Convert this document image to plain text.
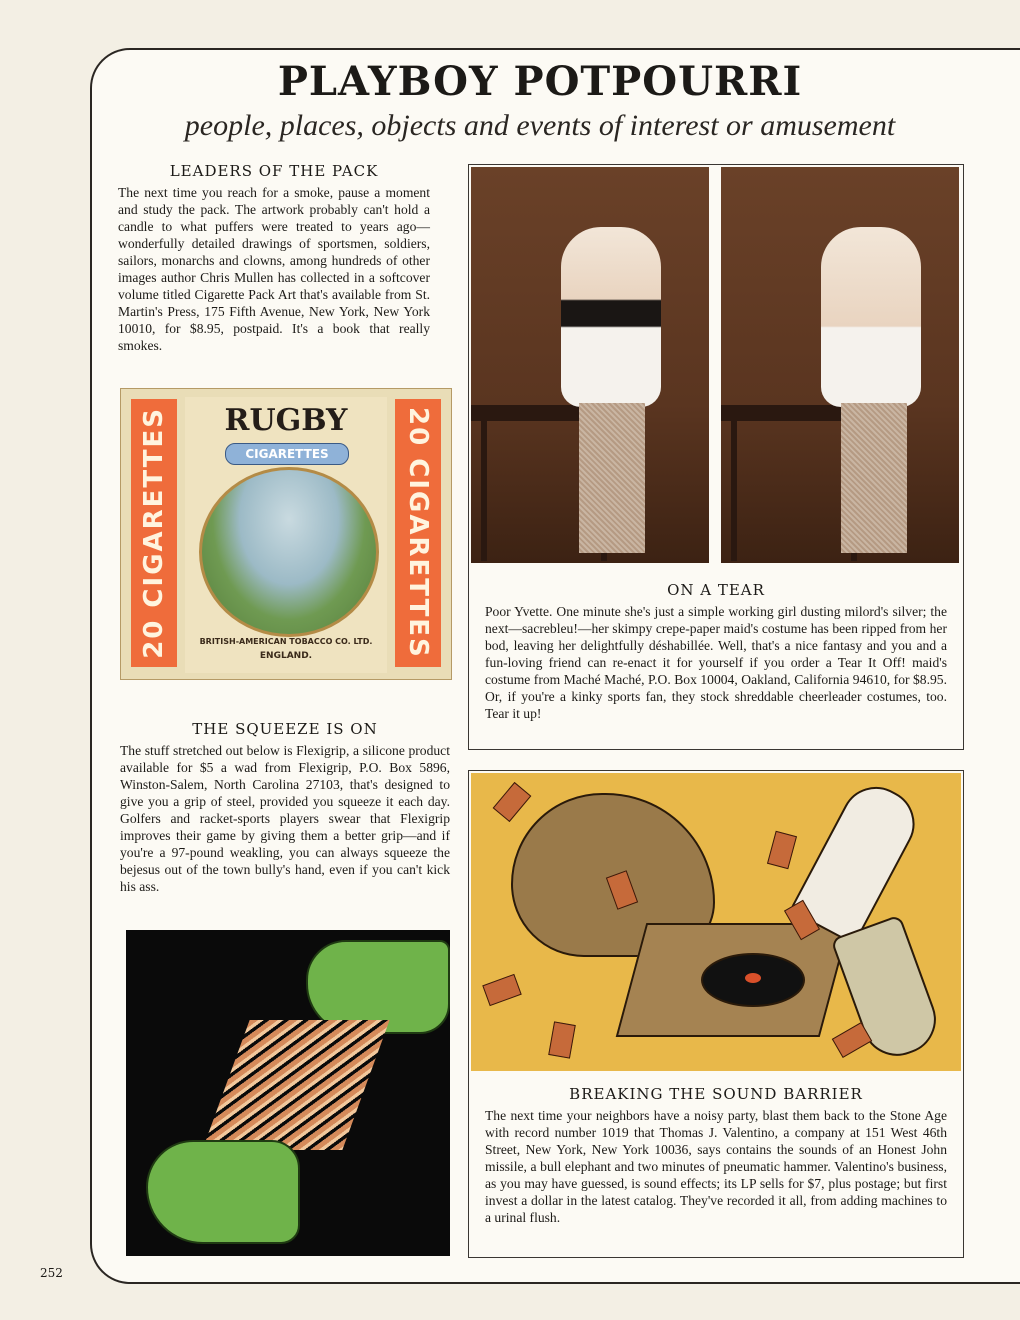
PLAYBOY POTPOURRI
people, places, objects and events of interest or amusement
LEADERS OF THE PACK

The next time you reach for a smoke, pause a moment and study the pack. The artwork probably can't hold a candle to what puffers were treated to years ago—wonderfully detailed drawings of sportsmen, soldiers, sailors, monarchs and clowns, among hundreds of other images author Chris Mullen has collected in a softcover volume titled Cigarette Pack Art that's available from St. Martin's Press, 175 Fifth Avenue, New York, New York 10010, for $8.95, postpaid. It's a book that really smokes.

20 CIGARETTES	RUGBY
CIGARETTES
BRITISH-AMERICAN TOBACCO CO. LTD.
ENGLAND.	20 CIGARETTES
THE SQUEEZE IS ON

The stuff stretched out below is Flexigrip, a silicone product available for $5 a wad from Flexigrip, P.O. Box 5896, Winston-Salem, North Carolina 27103, that's designed to give you a grip of steel, provided you squeeze it each day. Golfers and racket-sports players swear that Flexigrip improves their game by giving them a better grip—and if you're a 97-pound weakling, you can always squeeze the bejesus out of the town bully's hand, even if you can't kick his ass.

ON A TEAR

Poor Yvette. One minute she's just a simple working girl dusting milord's silver; the next—sacrebleu!—her skimpy crepe-paper maid's costume has been ripped from her bod, leaving her delightfully déshabillée. Well, that's a nice fantasy and you and a fun-loving friend can re-enact it for yourself if you order a Tear It Off! maid's costume from Maché Maché, P.O. Box 10004, Oakland, California 94610, for $8.95. Or, if you're a kinky sports fan, they stock shreddable cheerleader costumes, too. Tear it up!

BREAKING THE SOUND BARRIER

The next time your neighbors have a noisy party, blast them back to the Stone Age with record number 1019 that Thomas J. Valentino, a company at 151 West 46th Street, New York, New York 10036, says contains the sounds of an Honest John missile, a bull elephant and two minutes of pneumatic hammer. Valentino's business, as you may have guessed, is sound effects; its LP sells for $7, plus postage; but first invest a dollar in the latest catalog. They've recorded it all, from adding machines to a urinal flush.

252
